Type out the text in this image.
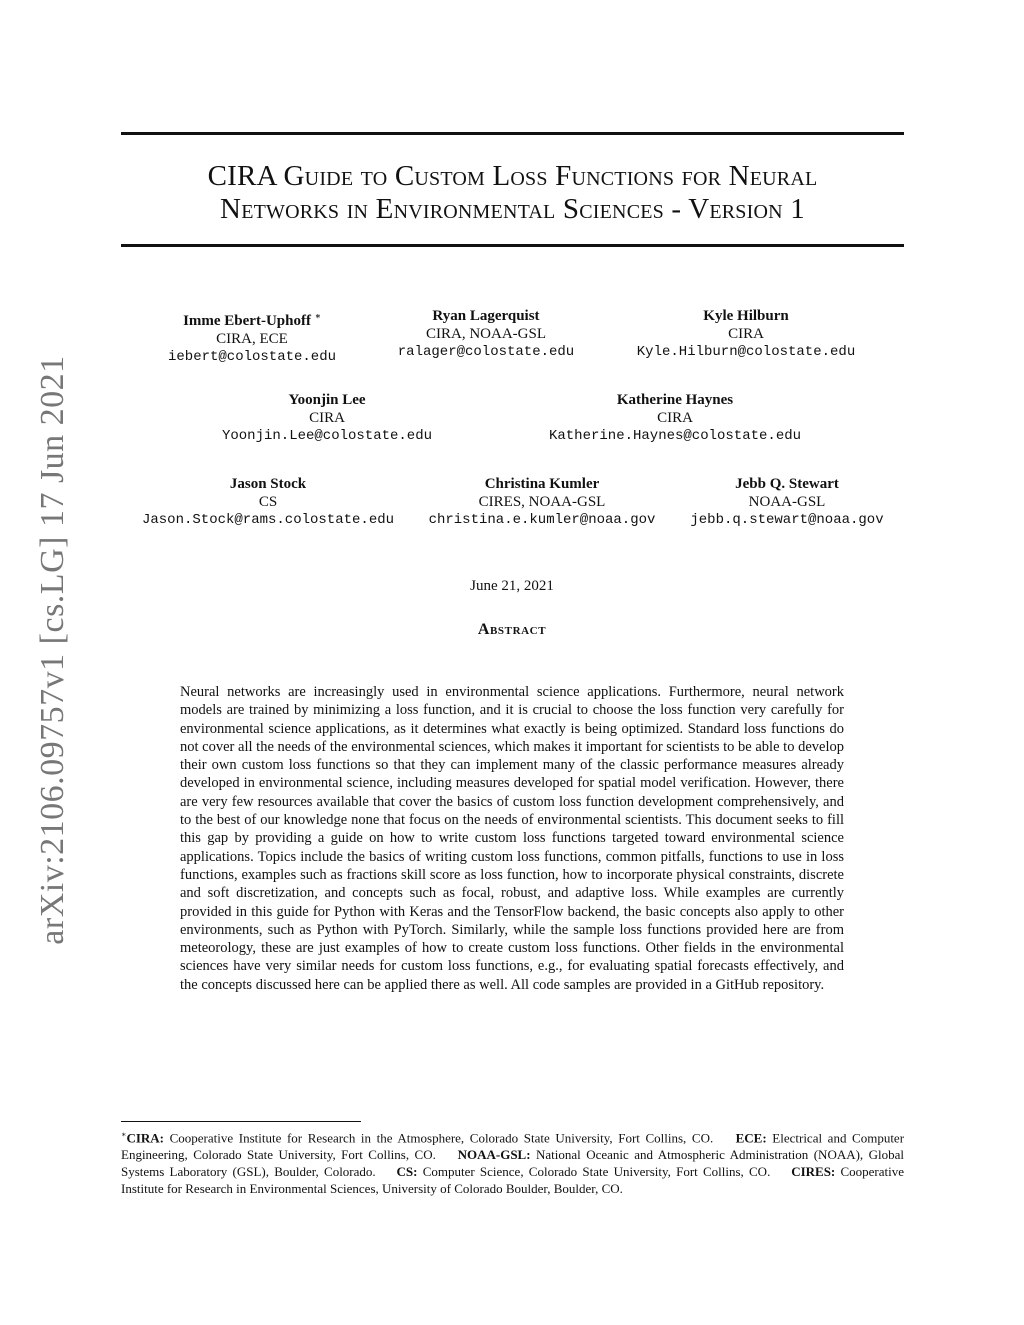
arXiv:2106.09757v1 [cs.LG] 17 Jun 2021
CIRA Guide to Custom Loss Functions for Neural
Networks in Environmental Sciences - Version 1
Imme Ebert-Uphoff ∗
CIRA, ECE
iebert@colostate.edu
Ryan Lagerquist
CIRA, NOAA-GSL
ralager@colostate.edu
Kyle Hilburn
CIRA
Kyle.Hilburn@colostate.edu
Yoonjin Lee
CIRA
Yoonjin.Lee@colostate.edu
Katherine Haynes
CIRA
Katherine.Haynes@colostate.edu
Jason Stock
CS
Jason.Stock@rams.colostate.edu
Christina Kumler
CIRES, NOAA-GSL
christina.e.kumler@noaa.gov
Jebb Q. Stewart
NOAA-GSL
jebb.q.stewart@noaa.gov
June 21, 2021
Abstract

Neural networks are increasingly used in environmental science applications. Furthermore, neural network models are trained by minimizing a loss function, and it is crucial to choose the loss function very carefully for environmental science applications, as it determines what exactly is being optimized. Standard loss functions do not cover all the needs of the environmental sciences, which makes it important for scientists to be able to develop their own custom loss functions so that they can implement many of the classic performance measures already developed in environmental science, including measures developed for spatial model verification. However, there are very few resources available that cover the basics of custom loss function development comprehensively, and to the best of our knowledge none that focus on the needs of environmental scientists. This document seeks to fill this gap by providing a guide on how to write custom loss functions targeted toward environmental science applications. Topics include the basics of writing custom loss functions, common pitfalls, functions to use in loss functions, examples such as fractions skill score as loss function, how to incorporate physical constraints, discrete and soft discretization, and concepts such as focal, robust, and adaptive loss. While examples are currently provided in this guide for Python with Keras and the TensorFlow backend, the basic concepts also apply to other environments, such as Python with PyTorch. Similarly, while the sample loss functions provided here are from meteorology, these are just examples of how to create custom loss functions. Other fields in the environmental sciences have very similar needs for custom loss functions, e.g., for evaluating spatial forecasts effectively, and the concepts discussed here can be applied there as well. All code samples are provided in a GitHub repository.

∗CIRA: Cooperative Institute for Research in the Atmosphere, Colorado State University, Fort Collins, CO. ECE: Electrical and Computer Engineering, Colorado State University, Fort Collins, CO. NOAA-GSL: National Oceanic and Atmospheric Administration (NOAA), Global Systems Laboratory (GSL), Boulder, Colorado. CS: Computer Science, Colorado State University, Fort Collins, CO. CIRES: Cooperative Institute for Research in Environmental Sciences, University of Colorado Boulder, Boulder, CO.
